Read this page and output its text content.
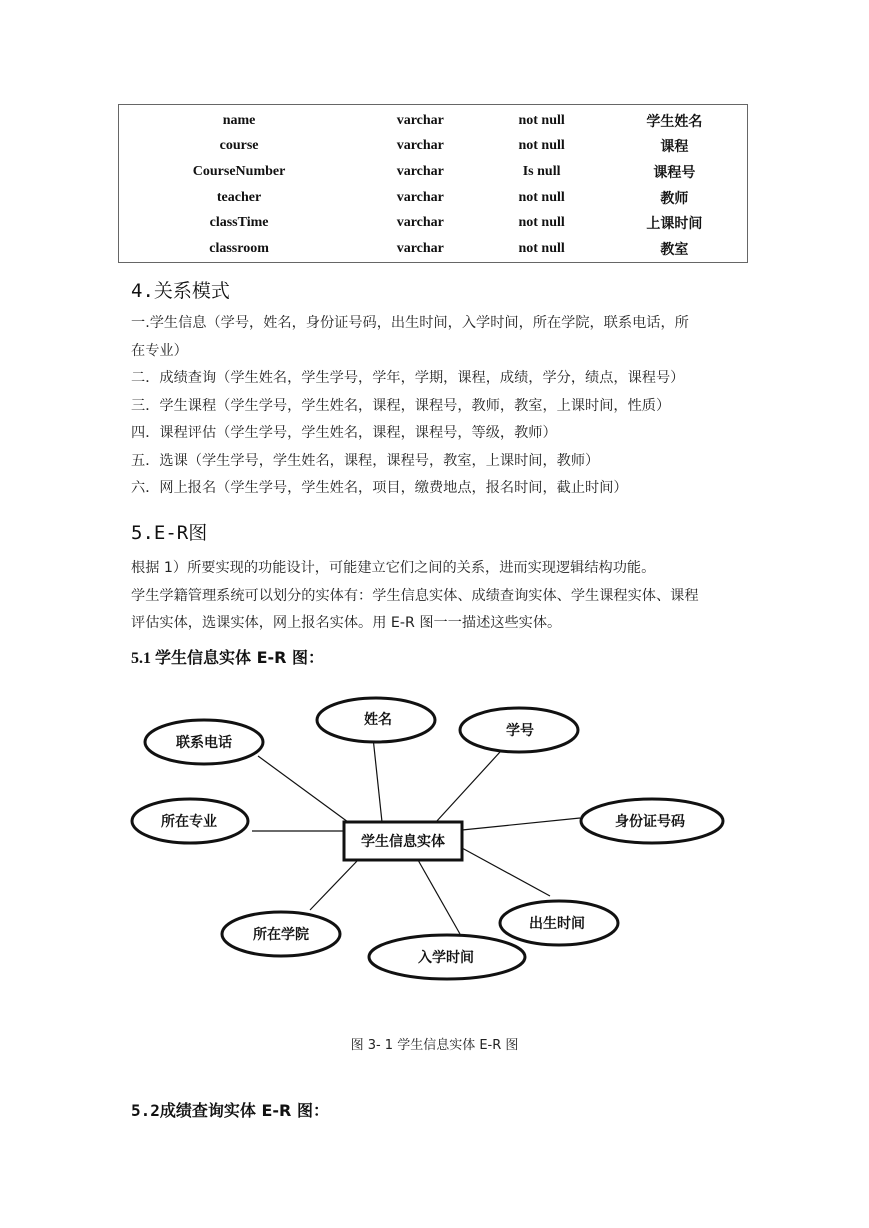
name	varchar	not null	学生姓名
course	varchar	not null	课程
CourseNumber	varchar	Is null	课程号
teacher	varchar	not null	教师
classTime	varchar	not null	上课时间
classroom	varchar	not null	教室
4.关系模式
一.学生信息（学号，姓名，身份证号码，出生时间，入学时间，所在学院，联系电话，所
在专业）
二．成绩查询（学生姓名，学生学号，学年，学期，课程，成绩，学分，绩点，课程号）
三．学生课程（学生学号，学生姓名，课程，课程号，教师，教室，上课时间，性质）
四．课程评估（学生学号，学生姓名，课程，课程号，等级，教师）
五．选课（学生学号，学生姓名，课程，课程号，教室，上课时间，教师）
六．网上报名（学生学号，学生姓名，项目，缴费地点，报名时间，截止时间）
5.E-R图
根据 1）所要实现的功能设计，可能建立它们之间的关系，进而实现逻辑结构功能。
学生学籍管理系统可以划分的实体有：学生信息实体、成绩查询实体、学生课程实体、课程
评估实体，选课实体，网上报名实体。用 E-R 图一一描述这些实体。
5.1 学生信息实体 E-R 图：
学生信息实体
姓名
学号
联系电话
所在专业	身份证号码
出生时间
所在学院
入学时间
图 3- 1 学生信息实体 E-R 图
5.2成绩查询实体 E-R 图：
